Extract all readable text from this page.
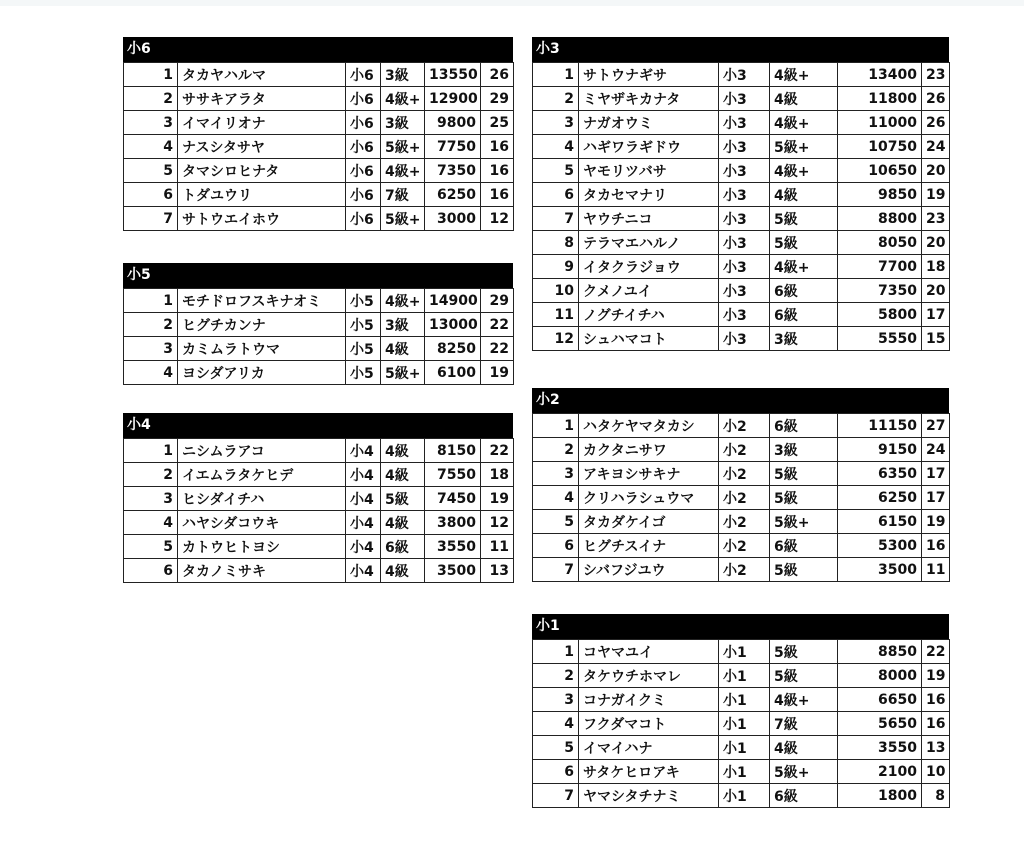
小6
1	タカヤハルマ	小6	3級	13550	26
2	ササキアラタ	小6	4級+	12900	29
3	イマイリオナ	小6	3級	9800	25
4	ナスシタサヤ	小6	5級+	7750	16
5	タマシロヒナタ	小6	4級+	7350	16
6	トダユウリ	小6	7級	6250	16
7	サトウエイホウ	小6	5級+	3000	12
小5
1	モチドロフスキナオミ	小5	4級+	14900	29
2	ヒグチカンナ	小5	3級	13000	22
3	カミムラトウマ	小5	4級	8250	22
4	ヨシダアリカ	小5	5級+	6100	19
小4
1	ニシムラアコ	小4	4級	8150	22
2	イエムラタケヒデ	小4	4級	7550	18
3	ヒシダイチハ	小4	5級	7450	19
4	ハヤシダコウキ	小4	4級	3800	12
5	カトウヒトヨシ	小4	6級	3550	11
6	タカノミサキ	小4	4級	3500	13
小3
1	サトウナギサ	小3	4級+	13400	23
2	ミヤザキカナタ	小3	4級	11800	26
3	ナガオウミ	小3	4級+	11000	26
4	ハギワラギドウ	小3	5級+	10750	24
5	ヤモリツバサ	小3	4級+	10650	20
6	タカセマナリ	小3	4級	9850	19
7	ヤウチニコ	小3	5級	8800	23
8	テラマエハルノ	小3	5級	8050	20
9	イタクラジョウ	小3	4級+	7700	18
10	クメノユイ	小3	6級	7350	20
11	ノグチイチハ	小3	6級	5800	17
12	シュハマコト	小3	3級	5550	15
小2
1	ハタケヤマタカシ	小2	6級	11150	27
2	カクタニサワ	小2	3級	9150	24
3	アキヨシサキナ	小2	5級	6350	17
4	クリハラシュウマ	小2	5級	6250	17
5	タカダケイゴ	小2	5級+	6150	19
6	ヒグチスイナ	小2	6級	5300	16
7	シバフジユウ	小2	5級	3500	11
小1
1	コヤマユイ	小1	5級	8850	22
2	タケウチホマレ	小1	5級	8000	19
3	コナガイクミ	小1	4級+	6650	16
4	フクダマコト	小1	7級	5650	16
5	イマイハナ	小1	4級	3550	13
6	サタケヒロアキ	小1	5級+	2100	10
7	ヤマシタチナミ	小1	6級	1800	8
